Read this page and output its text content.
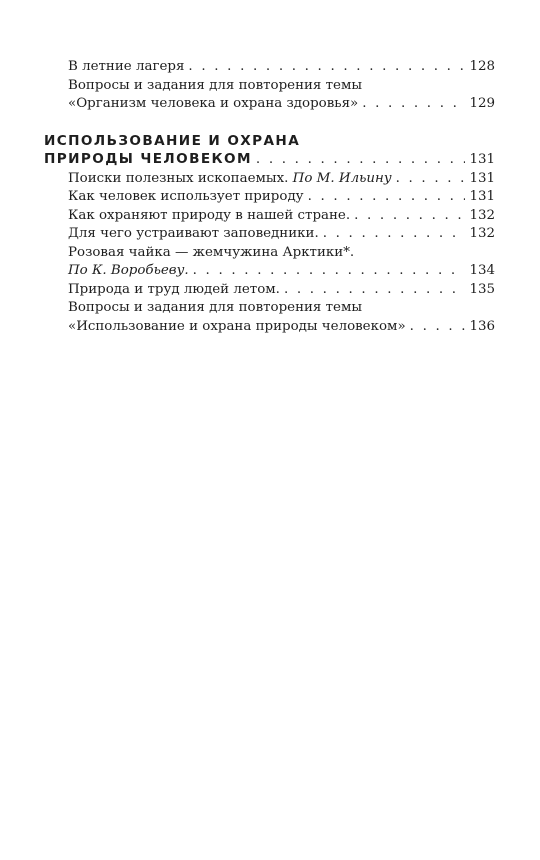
В летние лагеря . . .	128
Вопросы и задания для повторения темы
«Организм человека и охрана здоровья» . . .	129
ИСПОЛЬЗОВАНИЕ И ОХРАНА
ПРИРОДЫ ЧЕЛОВЕКОМ . . .	131
Поиски полезных ископаемых. По М. Ильину . . .	131
Как человек использует природу . . .	131
Как охраняют природу в нашей стране. . . .	132
Для чего устраивают заповедники. . . .	132
Розовая чайка — жемчужина Арктики*.
По К. Воробьеву. . . .	134
Природа и труд людей летом. . . .	135
Вопросы и задания для повторения темы
«Использование и охрана природы человеком» . . .	136
